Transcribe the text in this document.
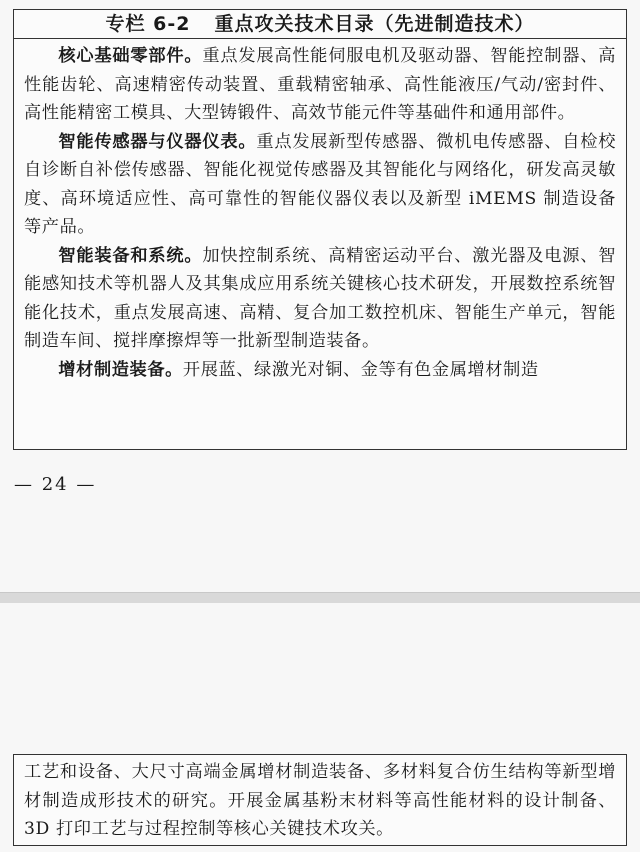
专栏 6-2 重点攻关技术目录（先进制造技术）

核心基础零部件。重点发展高性能伺服电机及驱动器、智能控制器、高性能齿轮、高速精密传动装置、重载精密轴承、高性能液压/气动/密封件、高性能精密工模具、大型铸锻件、高效节能元件等基础件和通用部件。

智能传感器与仪器仪表。重点发展新型传感器、微机电传感器、自检校自诊断自补偿传感器、智能化视觉传感器及其智能化与网络化，研发高灵敏度、高环境适应性、高可靠性的智能仪器仪表以及新型 iMEMS 制造设备等产品。

智能装备和系统。加快控制系统、高精密运动平台、激光器及电源、智能感知技术等机器人及其集成应用系统关键核心技术研发，开展数控系统智能化技术，重点发展高速、高精、复合加工数控机床、智能生产单元，智能制造车间、搅拌摩擦焊等一批新型制造装备。

增材制造装备。开展蓝、绿激光对铜、金等有色金属增材制造

— 24 —

工艺和设备、大尺寸高端金属增材制造装备、多材料复合仿生结构等新型增材制造成形技术的研究。开展金属基粉末材料等高性能材料的设计制备、3D 打印工艺与过程控制等核心关键技术攻关。
